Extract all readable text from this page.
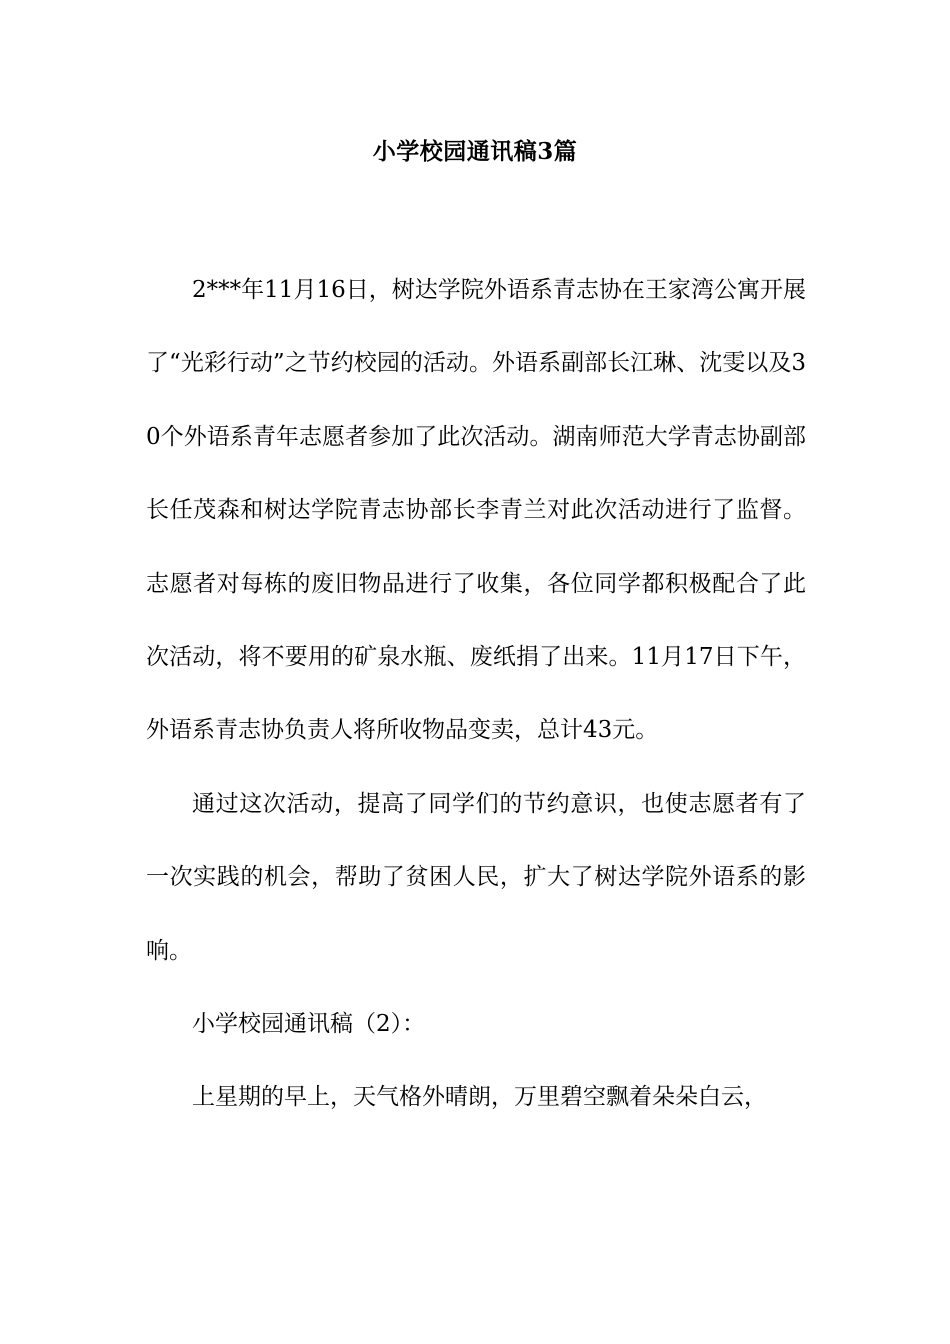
小学校园通讯稿3篇

2***年11月16日，树达学院外语系青志协在王家湾公寓开展了“光彩行动”之节约校园的活动。外语系副部长江琳、沈雯以及30个外语系青年志愿者参加了此次活动。湖南师范大学青志协副部长任茂森和树达学院青志协部长李青兰对此次活动进行了监督。志愿者对每栋的废旧物品进行了收集，各位同学都积极配合了此次活动，将不要用的矿泉水瓶、废纸捐了出来。11月17日下午，外语系青志协负责人将所收物品变卖，总计43元。

通过这次活动，提高了同学们的节约意识，也使志愿者有了一次实践的机会，帮助了贫困人民，扩大了树达学院外语系的影响。

小学校园通讯稿（2）：

上星期的早上，天气格外晴朗，万里碧空飘着朵朵白云，
